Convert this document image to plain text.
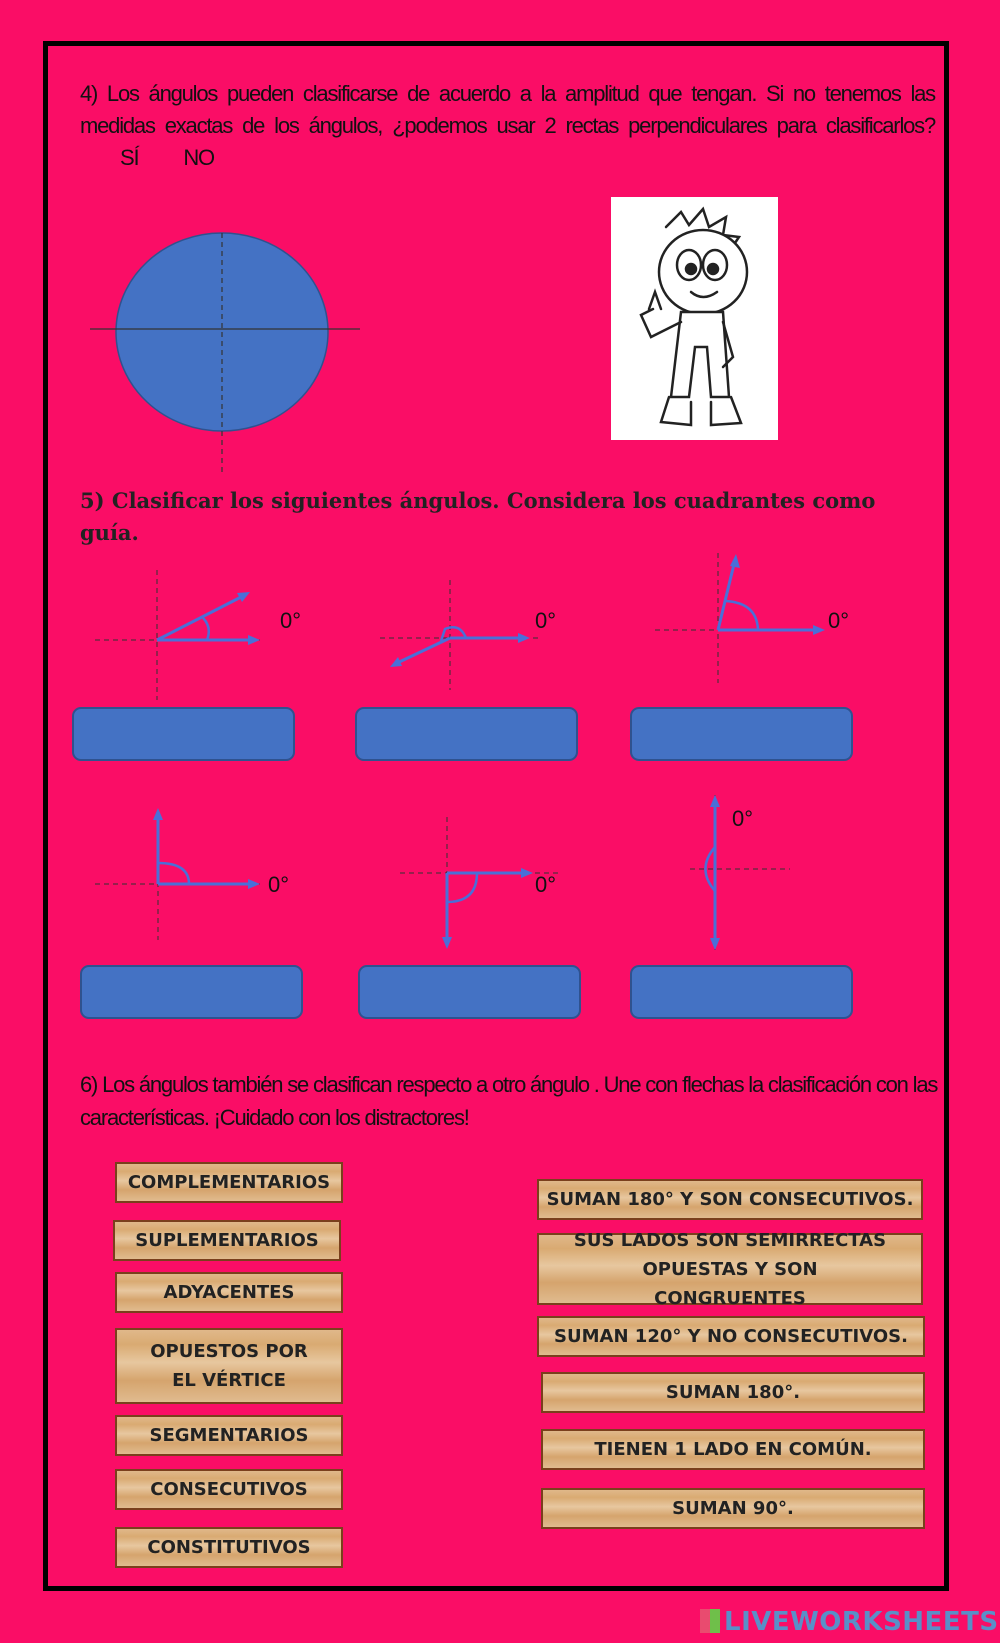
4) Los ángulos pueden clasificarse de acuerdo a la amplitud que tengan. Si no tenemos las medidas exactas de los ángulos, ¿podemos usar 2 rectas perpendiculares para clasificarlos? SÍ NO
5) Clasificar los siguientes ángulos. Considera los cuadrantes como guía.
0°	0°	0°
0°	0°
0°
6) Los ángulos también se clasifican respecto a otro ángulo . Une con flechas la clasificación con las características. ¡Cuidado con los distractores!
COMPLEMENTARIOS
SUPLEMENTARIOS
ADYACENTES
OPUESTOS POR EL VÉRTICE
SEGMENTARIOS
CONSECUTIVOS
CONSTITUTIVOS
SUMAN 180° Y SON CONSECUTIVOS.
SUS LADOS SON SEMIRRECTAS OPUESTAS Y SON CONGRUENTES
SUMAN 120° Y NO CONSECUTIVOS.
SUMAN 180°.
TIENEN 1 LADO EN COMÚN.
SUMAN 90°.
LIVEWORKSHEETS
